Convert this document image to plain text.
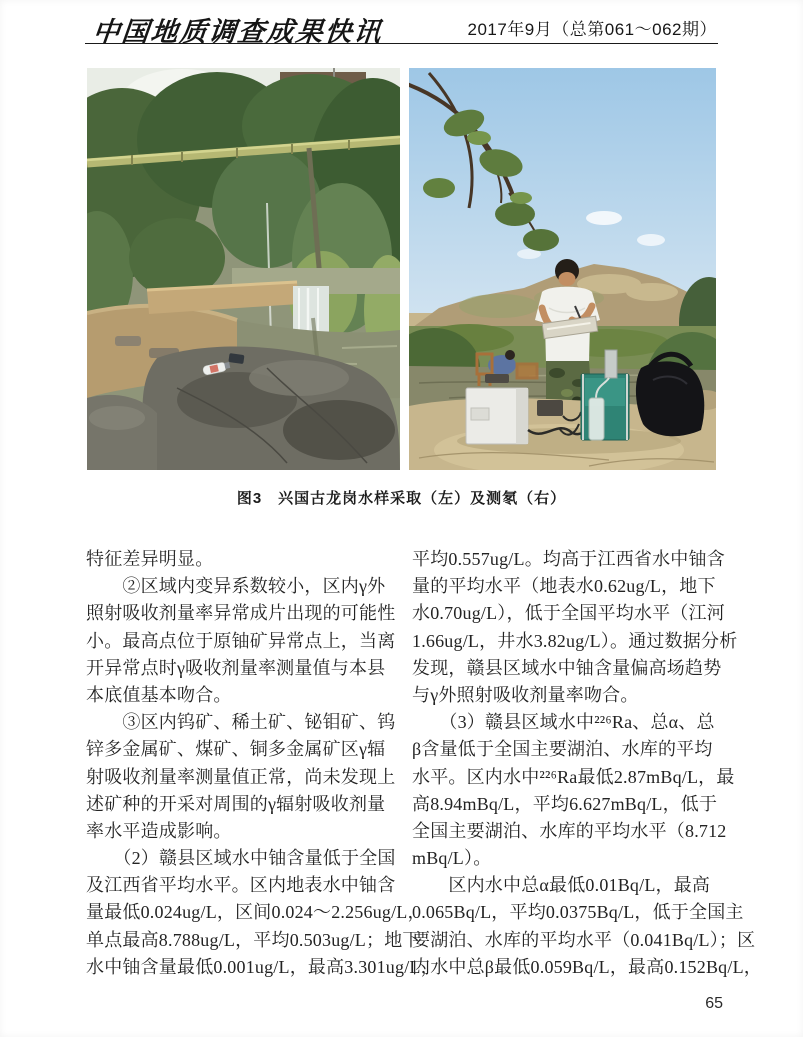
中国地质调查成果快讯	2017年9月（总第061～062期）
图3　兴国古龙岗水样采取（左）及测氡（右）
特征差异明显。
　　②区域内变异系数较小，区内γ外
照射吸收剂量率异常成片出现的可能性
小。最高点位于原铀矿异常点上，当离
开异常点时γ吸收剂量率测量值与本县
本底值基本吻合。
　　③区内钨矿、稀土矿、铋钼矿、钨
锌多金属矿、煤矿、铜多金属矿区γ辐
射吸收剂量率测量值正常，尚未发现上
述矿种的开采对周围的γ辐射吸收剂量
率水平造成影响。
　　（2）赣县区域水中铀含量低于全国
及江西省平均水平。区内地表水中铀含
量最低0.024ug/L，区间0.024～2.256ug/L，
单点最高8.788ug/L，平均0.503ug/L；地下
水中铀含量最低0.001ug/L，最高3.301ug/L，
平均0.557ug/L。均高于江西省水中铀含
量的平均水平（地表水0.62ug/L，地下
水0.70ug/L），低于全国平均水平（江河
1.66ug/L，井水3.82ug/L）。通过数据分析
发现，赣县区域水中铀含量偏高场趋势
与γ外照射吸收剂量率吻合。
　　（3）赣县区域水中²²⁶Ra、总α、总
β含量低于全国主要湖泊、水库的平均
水平。区内水中²²⁶Ra最低2.87mBq/L，最
高8.94mBq/L，平均6.627mBq/L，低于
全国主要湖泊、水库的平均水平（8.712
mBq/L）。
　　区内水中总α最低0.01Bq/L，最高
0.065Bq/L，平均0.0375Bq/L，低于全国主
要湖泊、水库的平均水平（0.041Bq/L）；区
内水中总β最低0.059Bq/L，最高0.152Bq/L，
65
